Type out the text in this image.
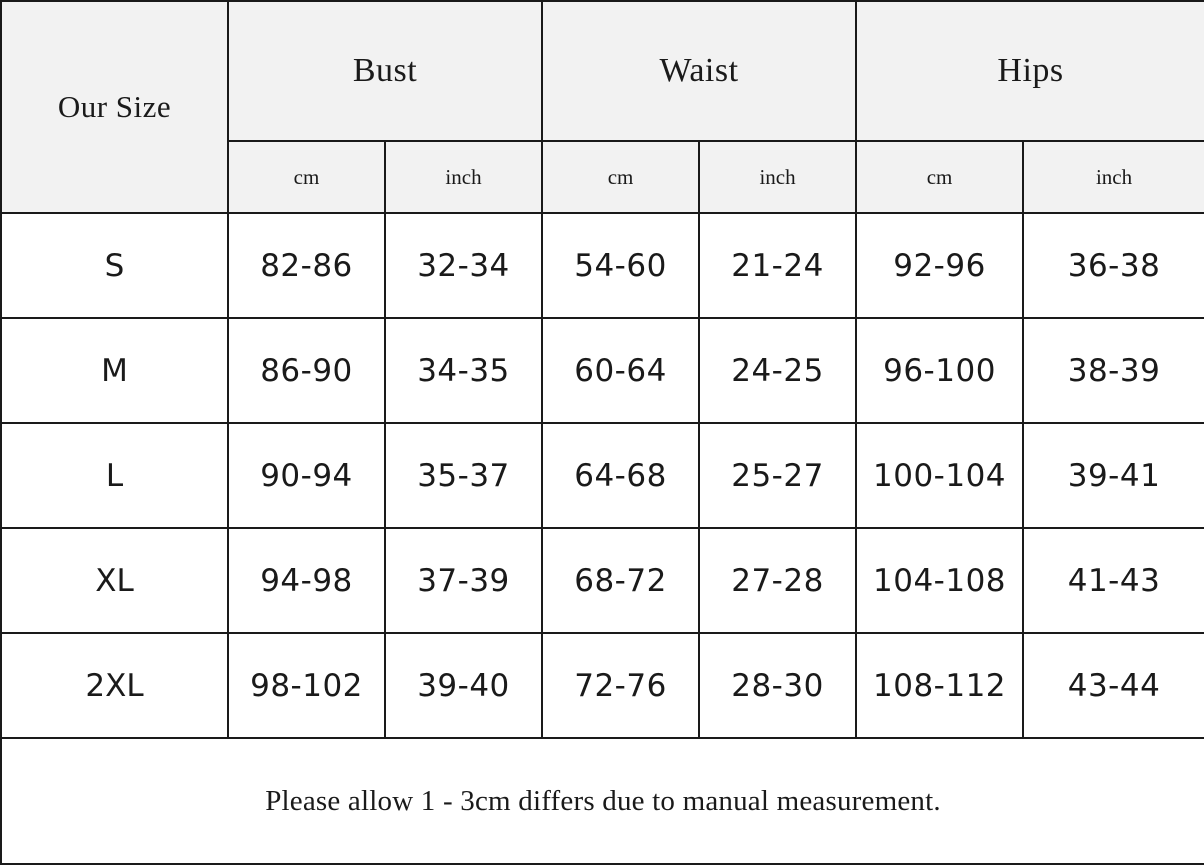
Our Size	Bust		Waist		Hips	
	cm	inch	cm	inch	cm	inch
S	82-86	32-34	54-60	21-24	92-96	36-38
M	86-90	34-35	60-64	24-25	96-100	38-39
L	90-94	35-37	64-68	25-27	100-104	39-41
XL	94-98	37-39	68-72	27-28	104-108	41-43
2XL	98-102	39-40	72-76	28-30	108-112	43-44
Please allow 1 - 3cm differs due to manual measurement.						
